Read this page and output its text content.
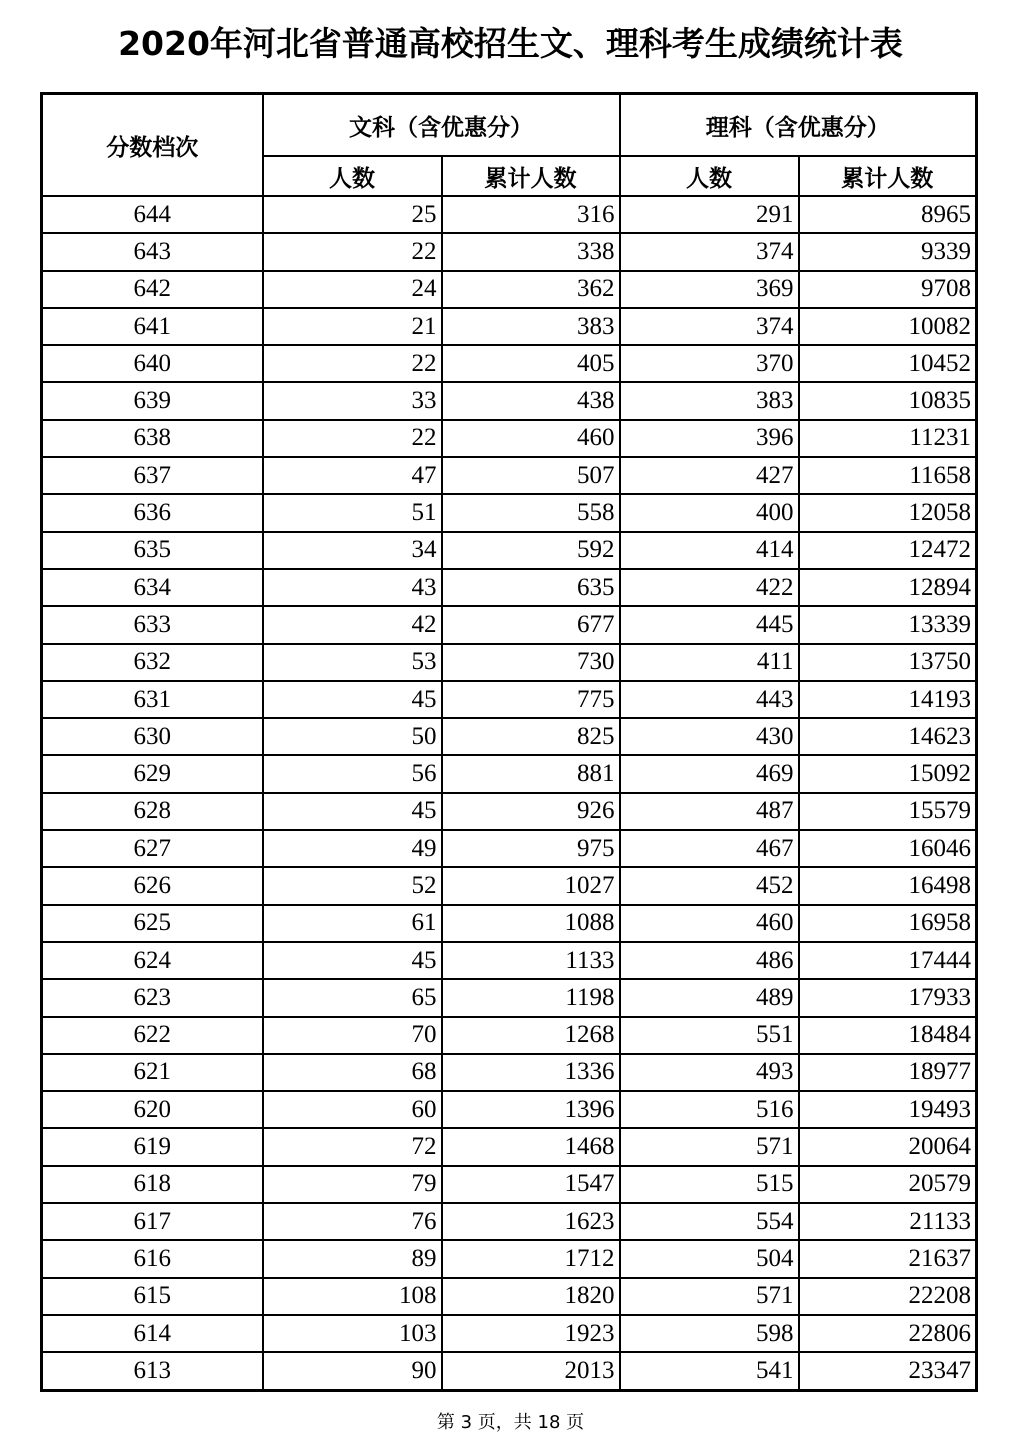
2020年河北省普通高校招生文、理科考生成绩统计表
分数档次	文科（含优惠分）		理科（含优惠分）	
	人数	累计人数	人数	累计人数
644	25	316	291	8965
643	22	338	374	9339
642	24	362	369	9708
641	21	383	374	10082
640	22	405	370	10452
639	33	438	383	10835
638	22	460	396	11231
637	47	507	427	11658
636	51	558	400	12058
635	34	592	414	12472
634	43	635	422	12894
633	42	677	445	13339
632	53	730	411	13750
631	45	775	443	14193
630	50	825	430	14623
629	56	881	469	15092
628	45	926	487	15579
627	49	975	467	16046
626	52	1027	452	16498
625	61	1088	460	16958
624	45	1133	486	17444
623	65	1198	489	17933
622	70	1268	551	18484
621	68	1336	493	18977
620	60	1396	516	19493
619	72	1468	571	20064
618	79	1547	515	20579
617	76	1623	554	21133
616	89	1712	504	21637
615	108	1820	571	22208
614	103	1923	598	22806
613	90	2013	541	23347
第 3 页，共 18 页
